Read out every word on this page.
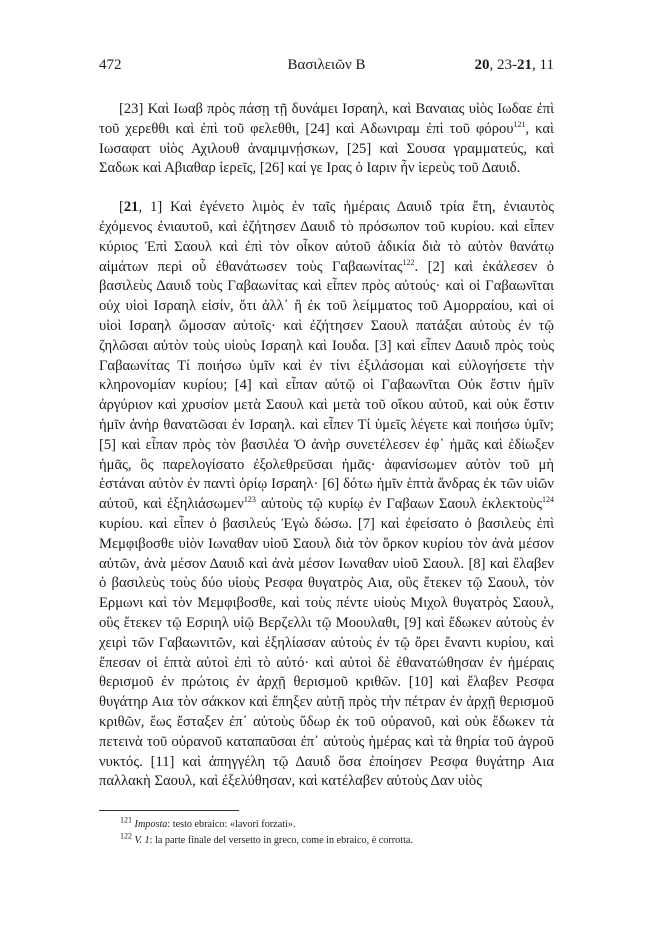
472	Βασιλειῶν Β	20, 23-21, 11

[23] Καὶ Ιωαβ πρὸς πάσῃ τῇ δυνάμει Ισραηλ, καὶ Βαναιας υἱὸς Ιωδαε ἐπὶ τοῦ χερεθθι καὶ ἐπὶ τοῦ φελεθθι, [24] καὶ Αδωνιραμ ἐπὶ τοῦ φόρου$^{121}$, καὶ Ιωσαφατ υἱὸς Αχιλουθ ἀναμιμνῄσκων, [25] καὶ Σουσα γραμματεύς, καὶ Σαδωκ καὶ Αβιαθαρ ἱερεῖς, [26] καί γε Ιρας ὁ Ιαριν ἦν ἱερεὺς τοῦ Δαυιδ.

[21, 1] Καὶ ἐγένετο λιμὸς ἐν ταῖς ἡμέραις Δαυιδ τρία ἔτη, ἐνιαυτὸς ἐχόμενος ἐνιαυτοῦ, καὶ ἐζήτησεν Δαυιδ τὸ πρόσωπον τοῦ κυρίου. καὶ εἶπεν κύριος Ἐπὶ Σαουλ καὶ ἐπὶ τὸν οἶκον αὐτοῦ ἀδικία διὰ τὸ αὐτὸν θανάτῳ αἱμάτων περὶ οὗ ἐθανάτωσεν τοὺς Γαβαωνίτας$^{122}$. [2] καὶ ἐκάλεσεν ὁ βασιλεὺς Δαυιδ τοὺς Γαβαωνίτας καὶ εἶπεν πρὸς αὐτούς· καὶ οἱ Γαβαωνῖται οὐχ υἱοὶ Ισραηλ εἰσίν, ὅτι ἀλλ᾽ ἢ ἐκ τοῦ λείμματος τοῦ Αμορραίου, καὶ οἱ υἱοὶ Ισραηλ ὤμοσαν αὐτοῖς· καὶ ἐζήτησεν Σαουλ πατάξαι αὐτοὺς ἐν τῷ ζηλῶσαι αὐτὸν τοὺς υἱοὺς Ισραηλ καὶ Ιουδα. [3] καὶ εἶπεν Δαυιδ πρὸς τοὺς Γαβαωνίτας Τί ποιήσω ὑμῖν καὶ ἐν τίνι ἐξιλάσομαι καὶ εὐλογήσετε τὴν κληρονομίαν κυρίου; [4] καὶ εἶπαν αὐτῷ οἱ Γαβαωνῖται Οὐκ ἔστιν ἡμῖν ἀργύριον καὶ χρυσίον μετὰ Σαουλ καὶ μετὰ τοῦ οἴκου αὐτοῦ, καὶ οὐκ ἔστιν ἡμῖν ἀνὴρ θανατῶσαι ἐν Ισραηλ. καὶ εἶπεν Τί ὑμεῖς λέγετε καὶ ποιήσω ὑμῖν; [5] καὶ εἶπαν πρὸς τὸν βασιλέα Ὁ ἀνὴρ συνετέλεσεν ἐφ᾽ ἡμᾶς καὶ ἐδίωξεν ἡμᾶς, ὃς παρελογίσατο ἐξολεθρεῦσαι ἡμᾶς· ἀφανίσωμεν αὐτὸν τοῦ μὴ ἑστάναι αὐτὸν ἐν παντὶ ὁρίῳ Ισραηλ· [6] δότω ἡμῖν ἑπτὰ ἄνδρας ἐκ τῶν υἱῶν αὐτοῦ, καὶ ἐξηλιάσωμεν$^{123}$ αὐτοὺς τῷ κυρίῳ ἐν Γαβαων Σαουλ ἐκλεκτοὺς$^{124}$ κυρίου. καὶ εἶπεν ὁ βασιλεύς Ἐγὼ δώσω. [7] καὶ ἐφείσατο ὁ βασιλεὺς ἐπὶ Μεμφιβοσθε υἱὸν Ιωναθαν υἱοῦ Σαουλ διὰ τὸν ὅρκον κυρίου τὸν ἀνὰ μέσον αὐτῶν, ἀνὰ μέσον Δαυιδ καὶ ἀνὰ μέσον Ιωναθαν υἱοῦ Σαουλ. [8] καὶ ἔλαβεν ὁ βασιλεὺς τοὺς δύο υἱοὺς Ρεσφα θυγατρὸς Αια, οὓς ἔτεκεν τῷ Σαουλ, τὸν Ερμωνι καὶ τὸν Μεμφιβοσθε, καὶ τοὺς πέντε υἱοὺς Μιχολ θυγατρὸς Σαουλ, οὓς ἔτεκεν τῷ Εσριηλ υἱῷ Βερζελλι τῷ Μοουλαθι, [9] καὶ ἔδωκεν αὐτοὺς ἐν χειρὶ τῶν Γαβαωνιτῶν, καὶ ἐξηλίασαν αὐτοὺς ἐν τῷ ὄρει ἔναντι κυρίου, καὶ ἔπεσαν οἱ ἑπτὰ αὐτοὶ ἐπὶ τὸ αὐτό· καὶ αὐτοὶ δὲ ἐθανατώθησαν ἐν ἡμέραις θερισμοῦ ἐν πρώτοις ἐν ἀρχῇ θερισμοῦ κριθῶν. [10] καὶ ἔλαβεν Ρεσφα θυγάτηρ Αια τὸν σάκκον καὶ ἔπηξεν αὐτῇ πρὸς τὴν πέτραν ἐν ἀρχῇ θερισμοῦ κριθῶν, ἕως ἔσταξεν ἐπ᾽ αὐτοὺς ὕδωρ ἐκ τοῦ οὐρανοῦ, καὶ οὐκ ἔδωκεν τὰ πετεινὰ τοῦ οὐρανοῦ καταπαῦσαι ἐπ᾽ αὐτοὺς ἡμέρας καὶ τὰ θηρία τοῦ ἀγροῦ νυκτός. [11] καὶ ἀπηγγέλη τῷ Δαυιδ ὅσα ἐποίησεν Ρεσφα θυγάτηρ Αια παλλακὴ Σαουλ, καὶ ἐξελύθησαν, καὶ κατέλαβεν αὐτοὺς Δαν υἱὸς

$^{121}$ Imposta: testo ebraico: «lavori forzati».
$^{122}$ V. 1: la parte finale del versetto in greco, come in ebraico, è corrotta.
